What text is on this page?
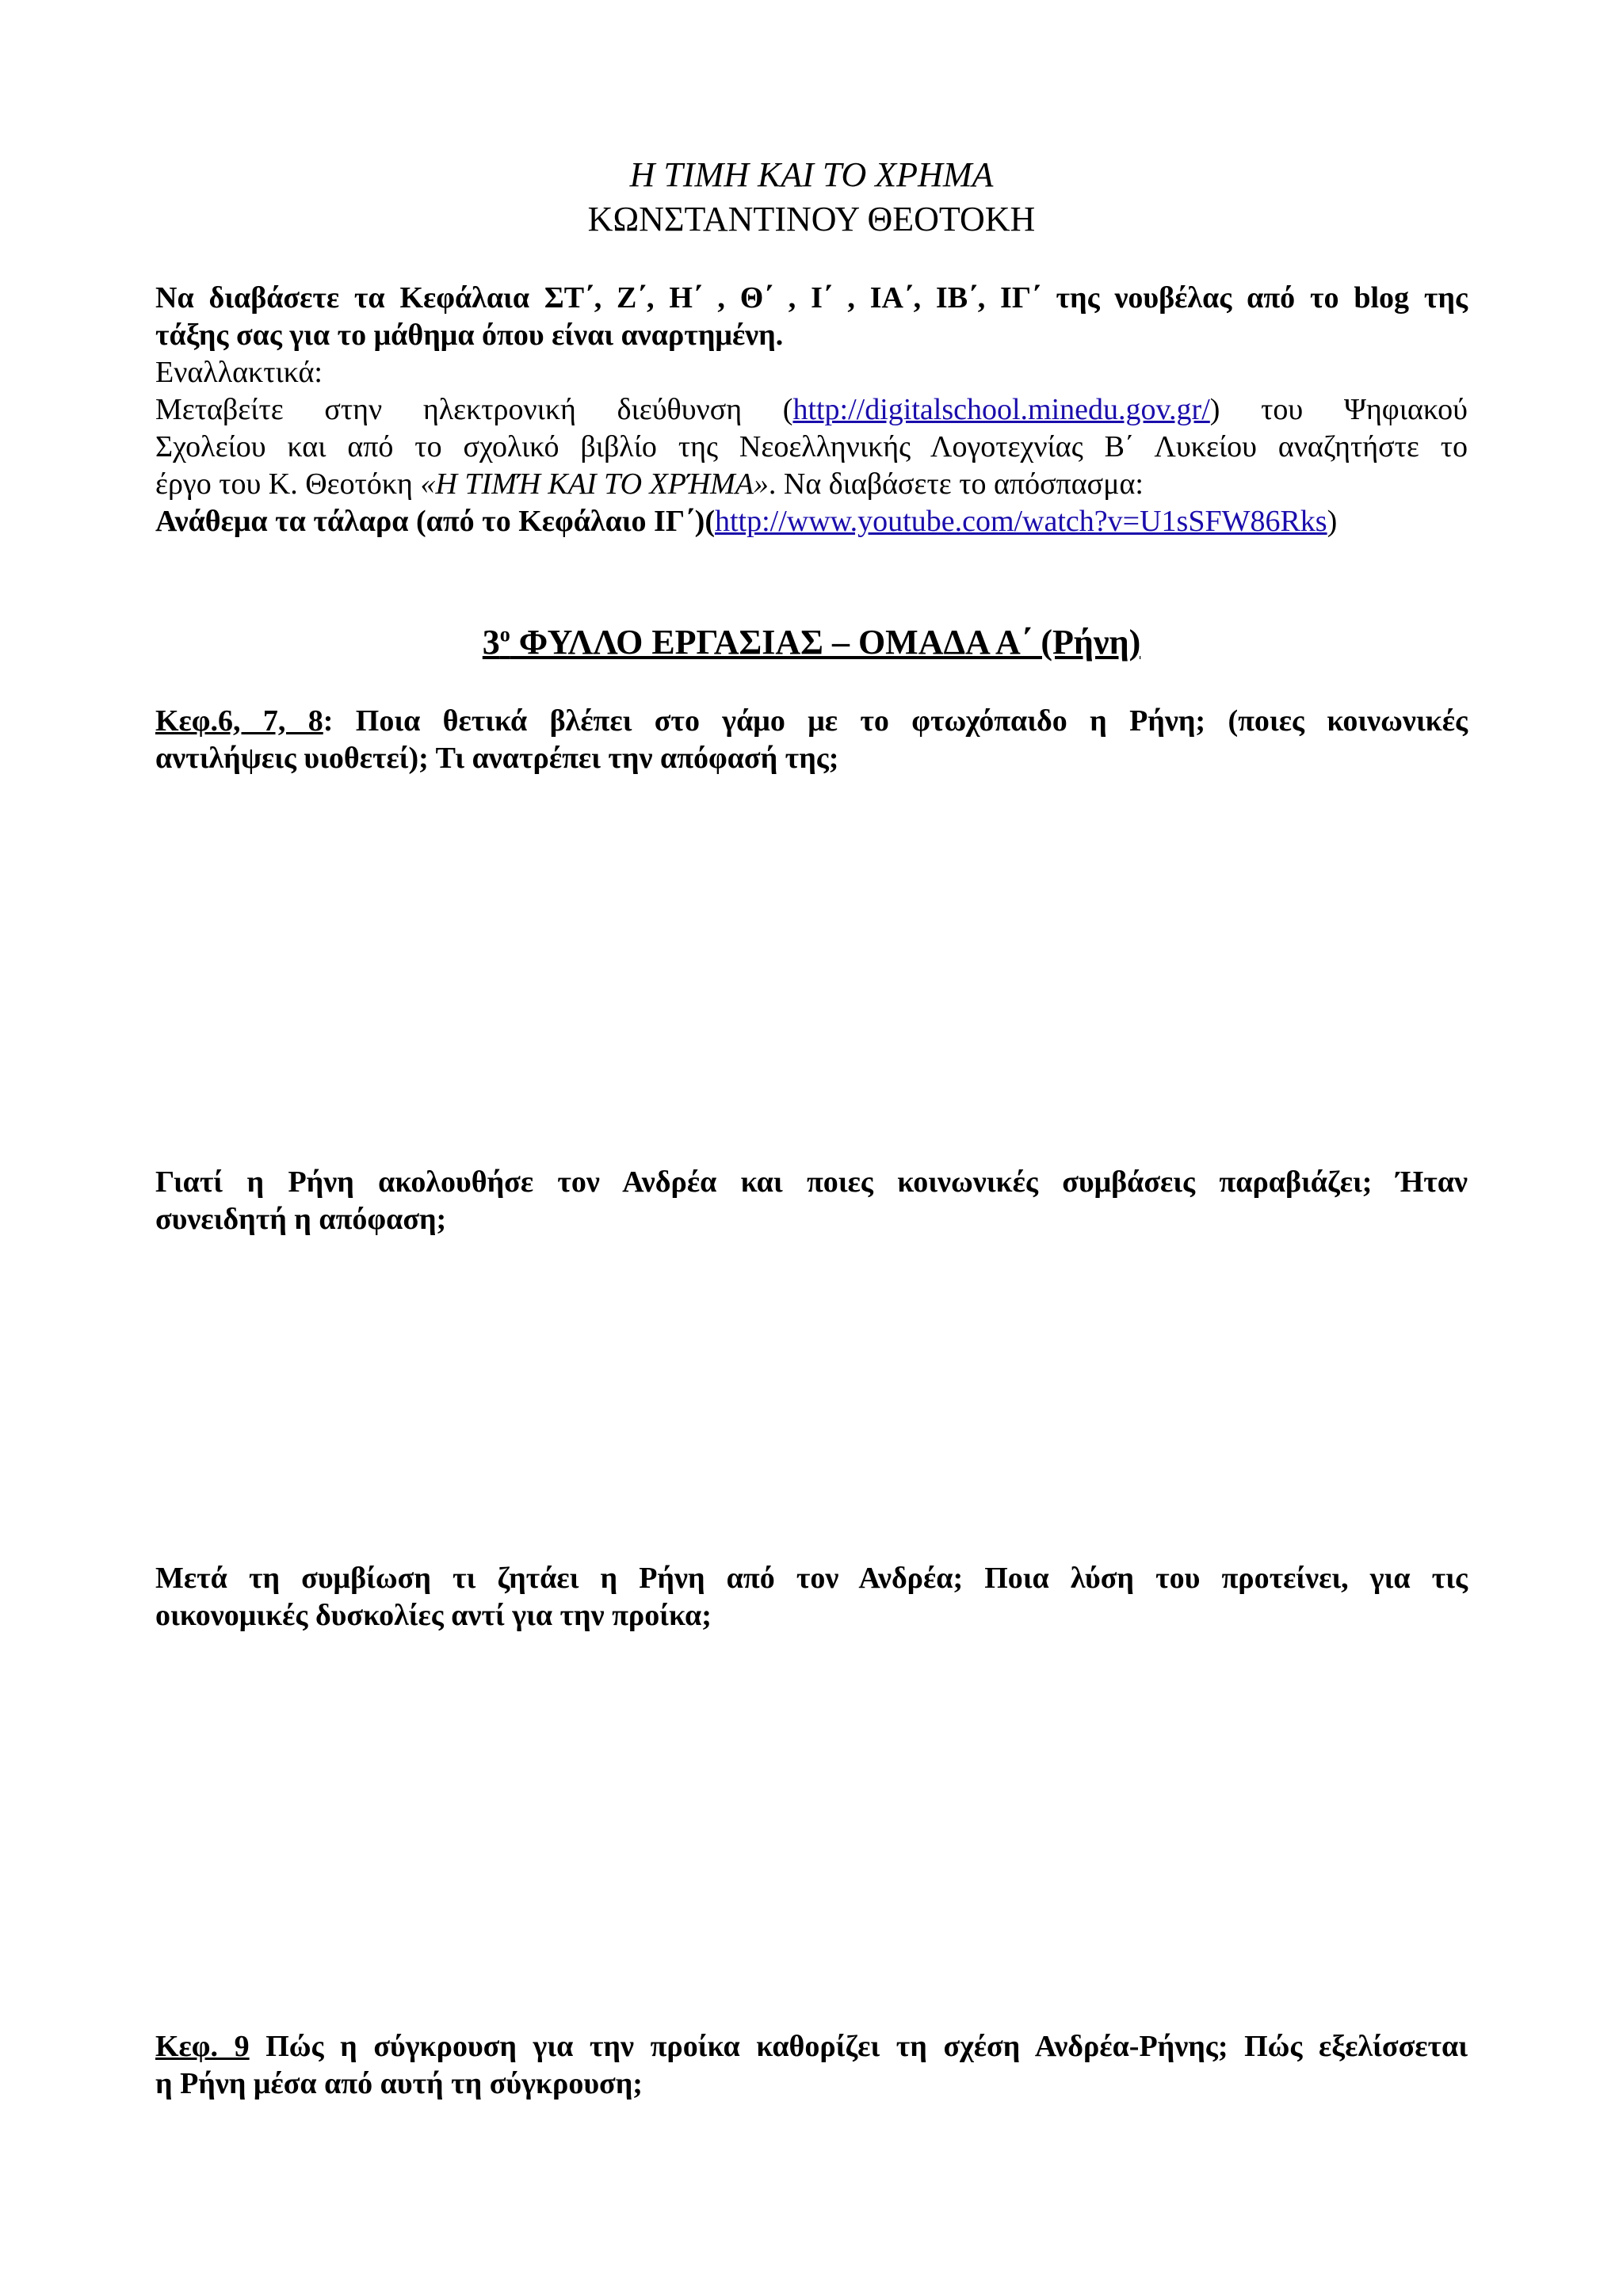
Η ΤΙΜΗ ΚΑΙ ΤΟ ΧΡΗΜΑ
ΚΩΝΣΤΑΝΤΙΝΟΥ ΘΕΟΤΟΚΗ
Να διαβάσετε τα Κεφάλαια ΣΤ΄, Ζ΄, Η΄ , Θ΄ , Ι΄ , ΙΑ΄, ΙΒ΄, ΙΓ΄ της νουβέλας από το blog της
τάξης σας για το μάθημα όπου είναι αναρτημένη.
Εναλλακτικά:
Μεταβείτε στην ηλεκτρονική διεύθυνση (http://digitalschool.minedu.gov.gr/) του Ψηφιακού
Σχολείου και από το σχολικό βιβλίο της Νεοελληνικής Λογοτεχνίας Β΄ Λυκείου αναζητήστε το
έργο του Κ. Θεοτόκη «Η ΤΙΜΉ ΚΑΙ ΤΟ ΧΡΉΜΑ». Να διαβάσετε το απόσπασμα:
Ανάθεμα τα τάλαρα (από το Κεφάλαιο ΙΓ΄)(http://www.youtube.com/watch?v=U1sSFW86Rks)
$3^o$ ΦΥΛΛΟ ΕΡΓΑΣΙΑΣ – ΟΜΑΔΑ Α΄ (Ρήνη)
Κεφ.6, 7, 8: Ποια θετικά βλέπει στο γάμο με το φτωχόπαιδο η Ρήνη; (ποιες κοινωνικές
αντιλήψεις υιοθετεί); Τι ανατρέπει την απόφασή της;
Γιατί η Ρήνη ακολουθήσε τον Ανδρέα και ποιες κοινωνικές συμβάσεις παραβιάζει; Ήταν
συνειδητή η απόφαση;
Μετά τη συμβίωση τι ζητάει η Ρήνη από τον Ανδρέα; Ποια λύση του προτείνει, για τις
οικονομικές δυσκολίες αντί για την προίκα;
Κεφ. 9 Πώς η σύγκρουση για την προίκα καθορίζει τη σχέση Ανδρέα-Ρήνης; Πώς εξελίσσεται
η Ρήνη μέσα από αυτή τη σύγκρουση;
